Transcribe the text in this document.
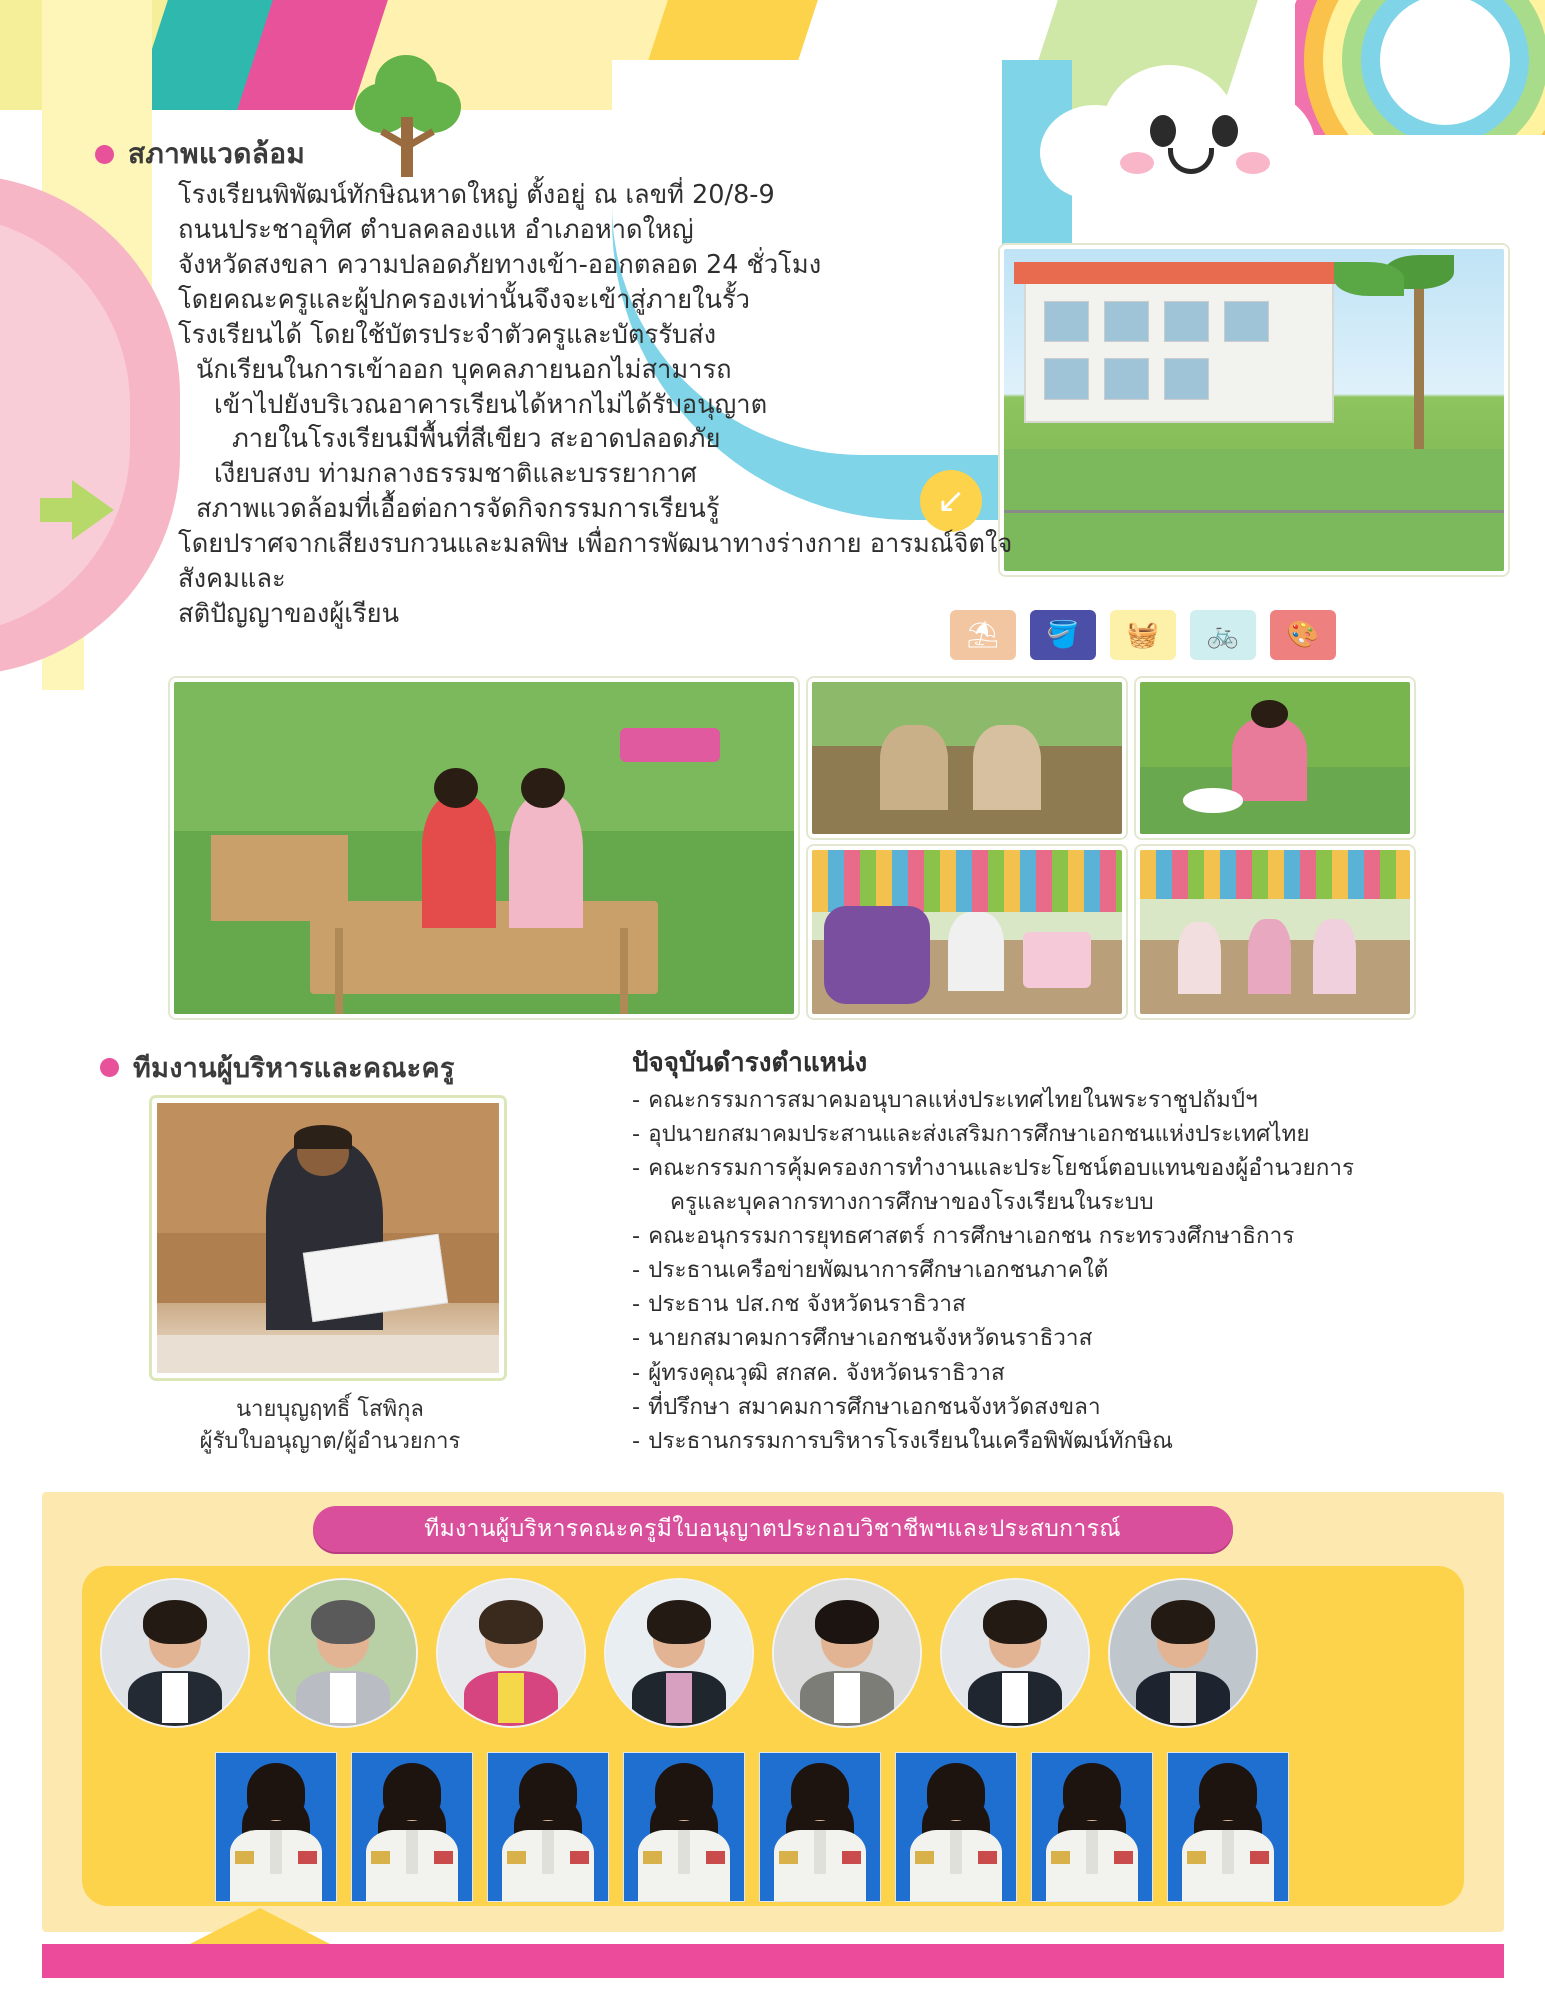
↙
สภาพแวดล้อม

โรงเรียนพิพัฒน์ทักษิณหาดใหญ่ ตั้งอยู่ ณ เลขที่ 20/8-9

ถนนประชาอุทิศ ตำบลคลองแห อำเภอหาดใหญ่

จังหวัดสงขลา ความปลอดภัยทางเข้า-ออกตลอด 24 ชั่วโมง

โดยคณะครูและผู้ปกครองเท่านั้นจึงจะเข้าสู่ภายในรั้ว

โรงเรียนได้ โดยใช้บัตรประจำตัวครูและบัตรรับส่ง

นักเรียนในการเข้าออก บุคคลภายนอกไม่สามารถ

เข้าไปยังบริเวณอาคารเรียนได้หากไม่ได้รับอนุญาต

ภายในโรงเรียนมีพื้นที่สีเขียว สะอาดปลอดภัย

เงียบสงบ ท่ามกลางธรรมชาติและบรรยากาศ

สภาพแวดล้อมที่เอื้อต่อการจัดกิจกรรมการเรียนรู้

โดยปราศจากเสียงรบกวนและมลพิษ เพื่อการพัฒนาทางร่างกาย อารมณ์จิตใจ สังคมและ

สติปัญญาของผู้เรียน

⛱	🪣	🧺	🚲	🎨
ทีมงานผู้บริหารและคณะครู
นายบุญฤทธิ์ โสพิกุล
ผู้รับใบอนุญาต/ผู้อำนวยการ
ปัจจุบันดำรงตำแหน่ง
- คณะกรรมการสมาคมอนุบาลแห่งประเทศไทยในพระราชูปถัมป์ฯ
- อุปนายกสมาคมประสานและส่งเสริมการศึกษาเอกชนแห่งประเทศไทย
- คณะกรรมการคุ้มครองการทำงานและประโยชน์ตอบแทนของผู้อำนวยการ
ครูและบุคลากรทางการศึกษาของโรงเรียนในระบบ
- คณะอนุกรรมการยุทธศาสตร์ การศึกษาเอกชน กระทรวงศึกษาธิการ
- ประธานเครือข่ายพัฒนาการศึกษาเอกชนภาคใต้
- ประธาน ปส.กช จังหวัดนราธิวาส
- นายกสมาคมการศึกษาเอกชนจังหวัดนราธิวาส
- ผู้ทรงคุณวุฒิ สกสค. จังหวัดนราธิวาส
- ที่ปรึกษา สมาคมการศึกษาเอกชนจังหวัดสงขลา
- ประธานกรรมการบริหารโรงเรียนในเครือพิพัฒน์ทักษิณ
ทีมงานผู้บริหารคณะครูมีใบอนุญาตประกอบวิชาชีพฯและประสบการณ์
